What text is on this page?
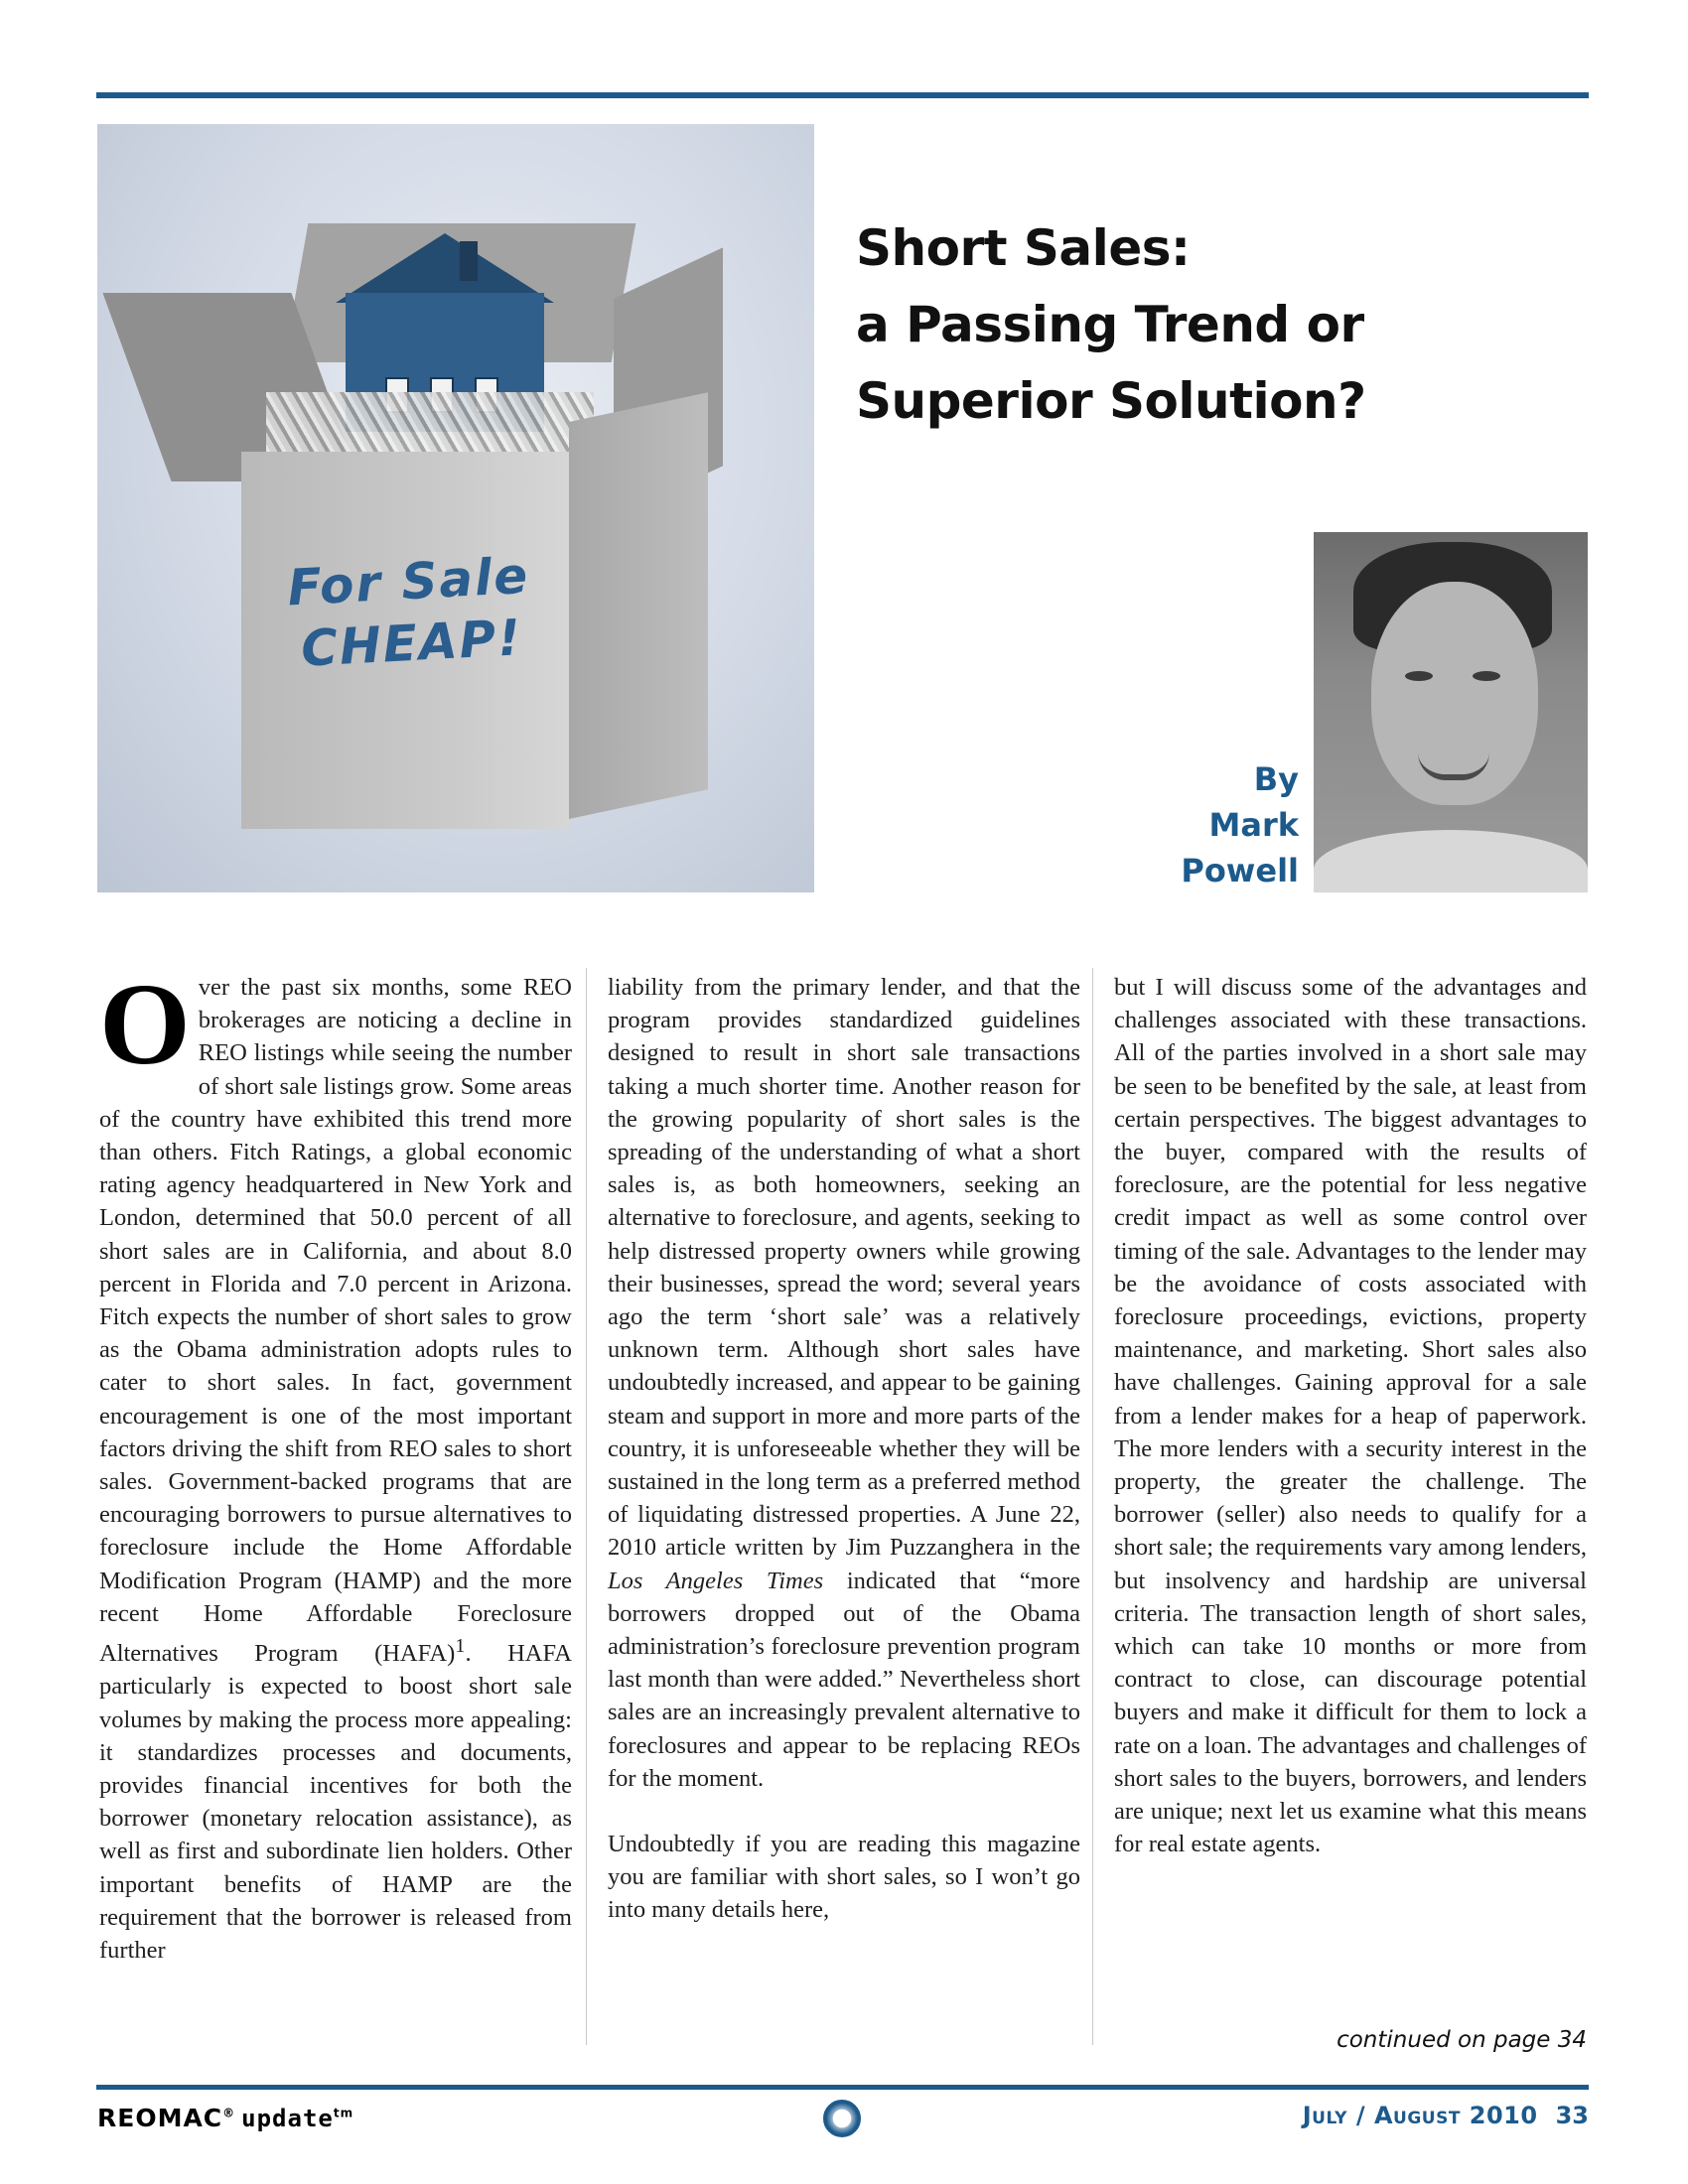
For Sale
CHEAP!
Short Sales:
a Passing Trend or
Superior Solution?
By
Mark
Powell

Over the past six months, some REO brokerages are noticing a decline in REO listings while seeing the number of short sale listings grow. Some areas of the country have exhibited this trend more than others. Fitch Ratings, a global economic rating agency headquartered in New York and London, determined that 50.0 percent of all short sales are in California, and about 8.0 percent in Florida and 7.0 percent in Arizona. Fitch expects the number of short sales to grow as the Obama administration adopts rules to cater to short sales. In fact, government encouragement is one of the most important factors driving the shift from REO sales to short sales. Government-backed programs that are encouraging borrowers to pursue alternatives to foreclosure include the Home Affordable Modification Program (HAMP) and the more recent Home Affordable Foreclosure Alternatives Program (HAFA)$^1$. HAFA particularly is expected to boost short sale volumes by making the process more appealing: it standardizes processes and documents, provides financial incentives for both the borrower (monetary relocation assistance), as well as first and subordinate lien holders. Other important benefits of HAMP are the requirement that the borrower is released from further

liability from the primary lender, and that the program provides standardized guidelines designed to result in short sale transactions taking a much shorter time. Another reason for the growing popularity of short sales is the spreading of the understanding of what a short sales is, as both homeowners, seeking an alternative to foreclosure, and agents, seeking to help distressed property owners while growing their businesses, spread the word; several years ago the term ‘short sale’ was a relatively unknown term. Although short sales have undoubtedly increased, and appear to be gaining steam and support in more and more parts of the country, it is unforeseeable whether they will be sustained in the long term as a preferred method of liquidating distressed properties. A June 22, 2010 article written by Jim Puzzanghera in the Los Angeles Times indicated that “more borrowers dropped out of the Obama administration’s foreclosure prevention program last month than were added.” Nevertheless short sales are an increasingly prevalent alternative to foreclosures and appear to be replacing REOs for the moment.

Undoubtedly if you are reading this magazine you are familiar with short sales, so I won’t go into many details here,

but I will discuss some of the advantages and challenges associated with these transactions. All of the parties involved in a short sale may be seen to be benefited by the sale, at least from certain perspectives. The biggest advantages to the buyer, compared with the results of foreclosure, are the potential for less negative credit impact as well as some control over timing of the sale. Advantages to the lender may be the avoidance of costs associated with foreclosure proceedings, evictions, property maintenance, and marketing. Short sales also have challenges. Gaining approval for a sale from a lender makes for a heap of paperwork. The more lenders with a security interest in the property, the greater the challenge. The borrower (seller) also needs to qualify for a short sale; the requirements vary among lenders, but insolvency and hardship are universal criteria. The transaction length of short sales, which can take 10 months or more from contract to close, can discourage potential buyers and make it difficult for them to lock a rate on a loan. The advantages and challenges of short sales to the buyers, borrowers, and lenders are unique; next let us examine what this means for real estate agents.

continued on page 34
REOMAC® update$^{tm}$	July / August 2010 33
